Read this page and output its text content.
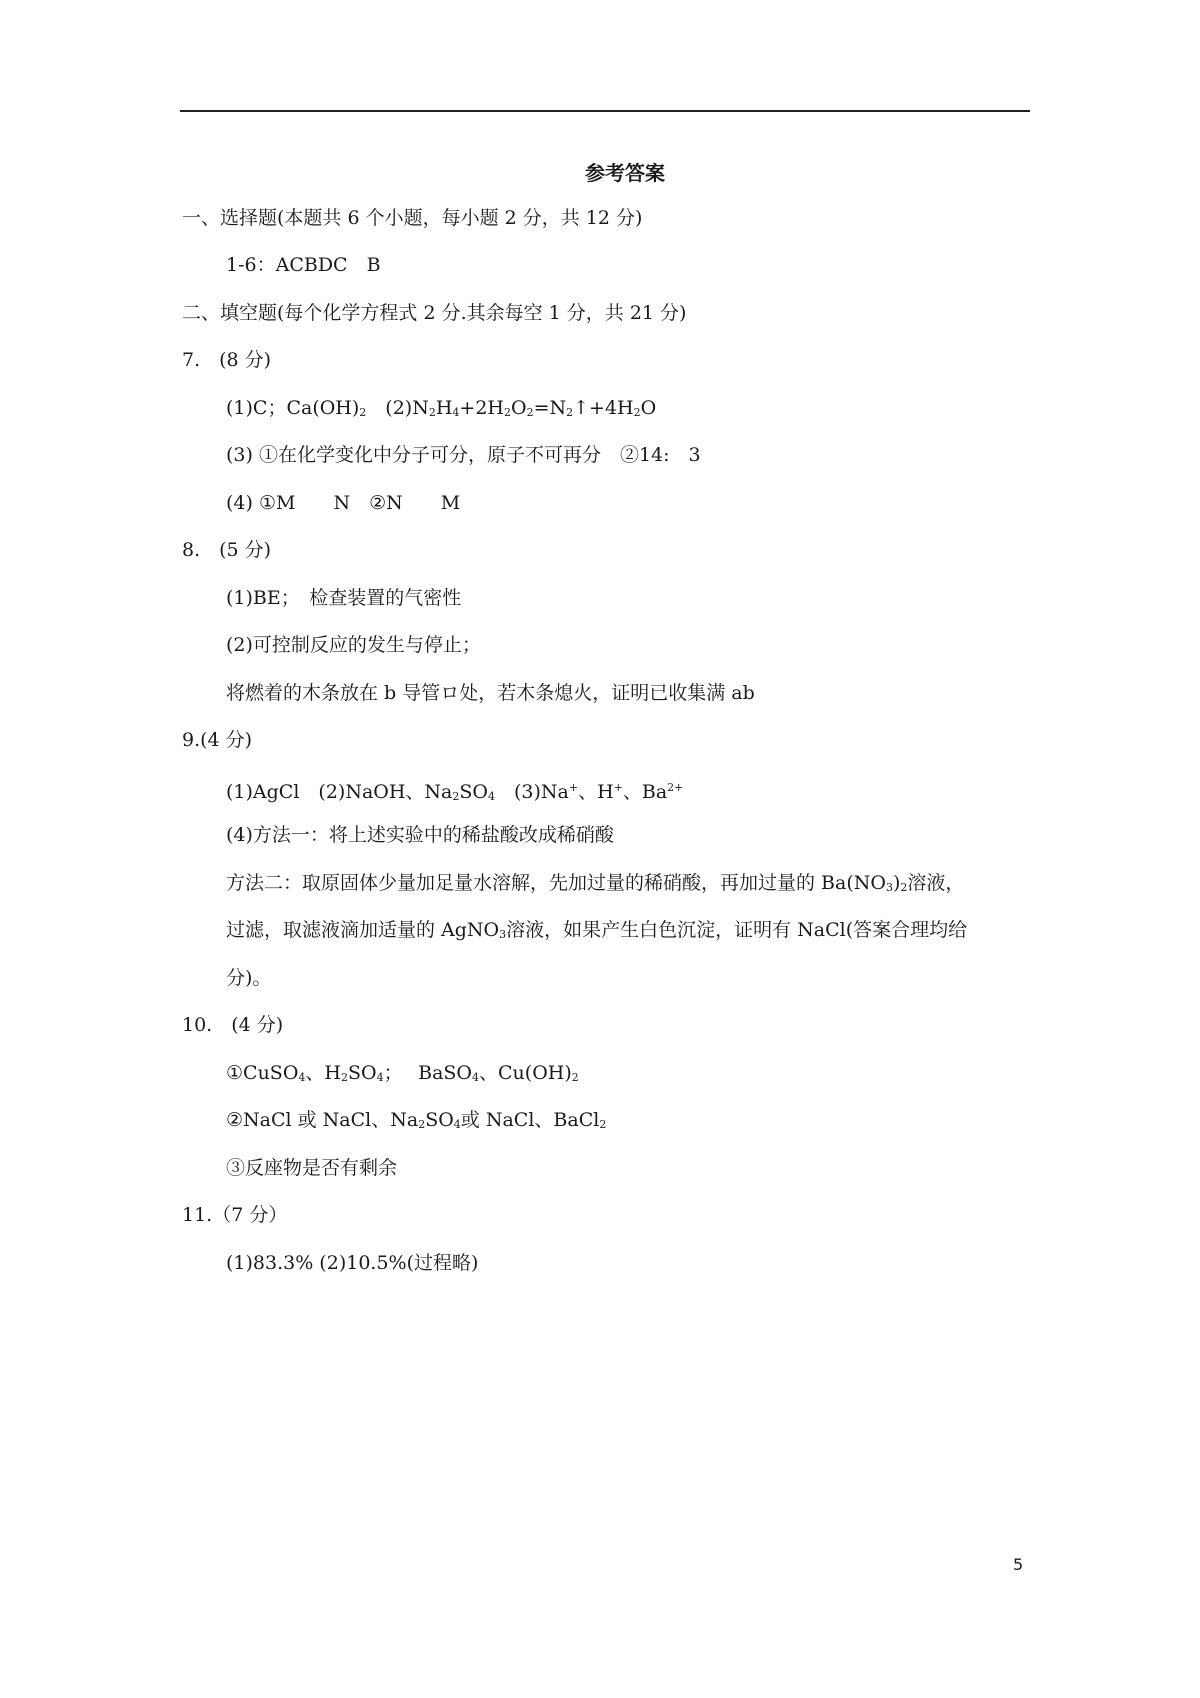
参考答案
一、选择题(本题共 6 个小题，每小题 2 分，共 12 分)
1-6：ACBDC　B
二、填空题(每个化学方程式 2 分.其余每空 1 分，共 21 分)
7.　(8 分)
(1)C；$Ca(OH)_2$　$(2)N_2H_4+2H_2O_2=N_2↑+4H_2O$
(3) ①在化学变化中分子可分，原子不可再分　②14:　3
(4) ①M　　N　②N　　M
8.　(5 分)
(1)BE；　检查装置的气密性
(2)可控制反应的发生与停止；
将燃着的木条放在 b 导管ロ处，若木条熄火，证明已收集满 ab
9.(4 分)
(1)AgCl　(2)NaOH、$Na_2SO_4$　(3)Na+、H+、$Ba^{2+}$
(4)方法一：将上述实验中的稀盐酸改成稀硝酸
方法二：取原固体少量加足量水溶解，先加过量的稀硝酸，再加过量的 $Ba(NO_3)_2$溶液，
过滤，取滤液滴加适量的 AgNO$_3$溶液，如果产生白色沉淀，证明有 NaCl(答案合理均给
分)。
10.　(4 分)
①CuSO$_4$、$H_2SO_4$；　 BaSO$_4$、$Cu(OH)_2$
②NaCl 或 NaCl、$Na_2SO_4$或 NaCl、BaCl$_2$
③反座物是否有剩余
11.（7 分）
(1)83.3% (2)10.5%(过程略)
5
